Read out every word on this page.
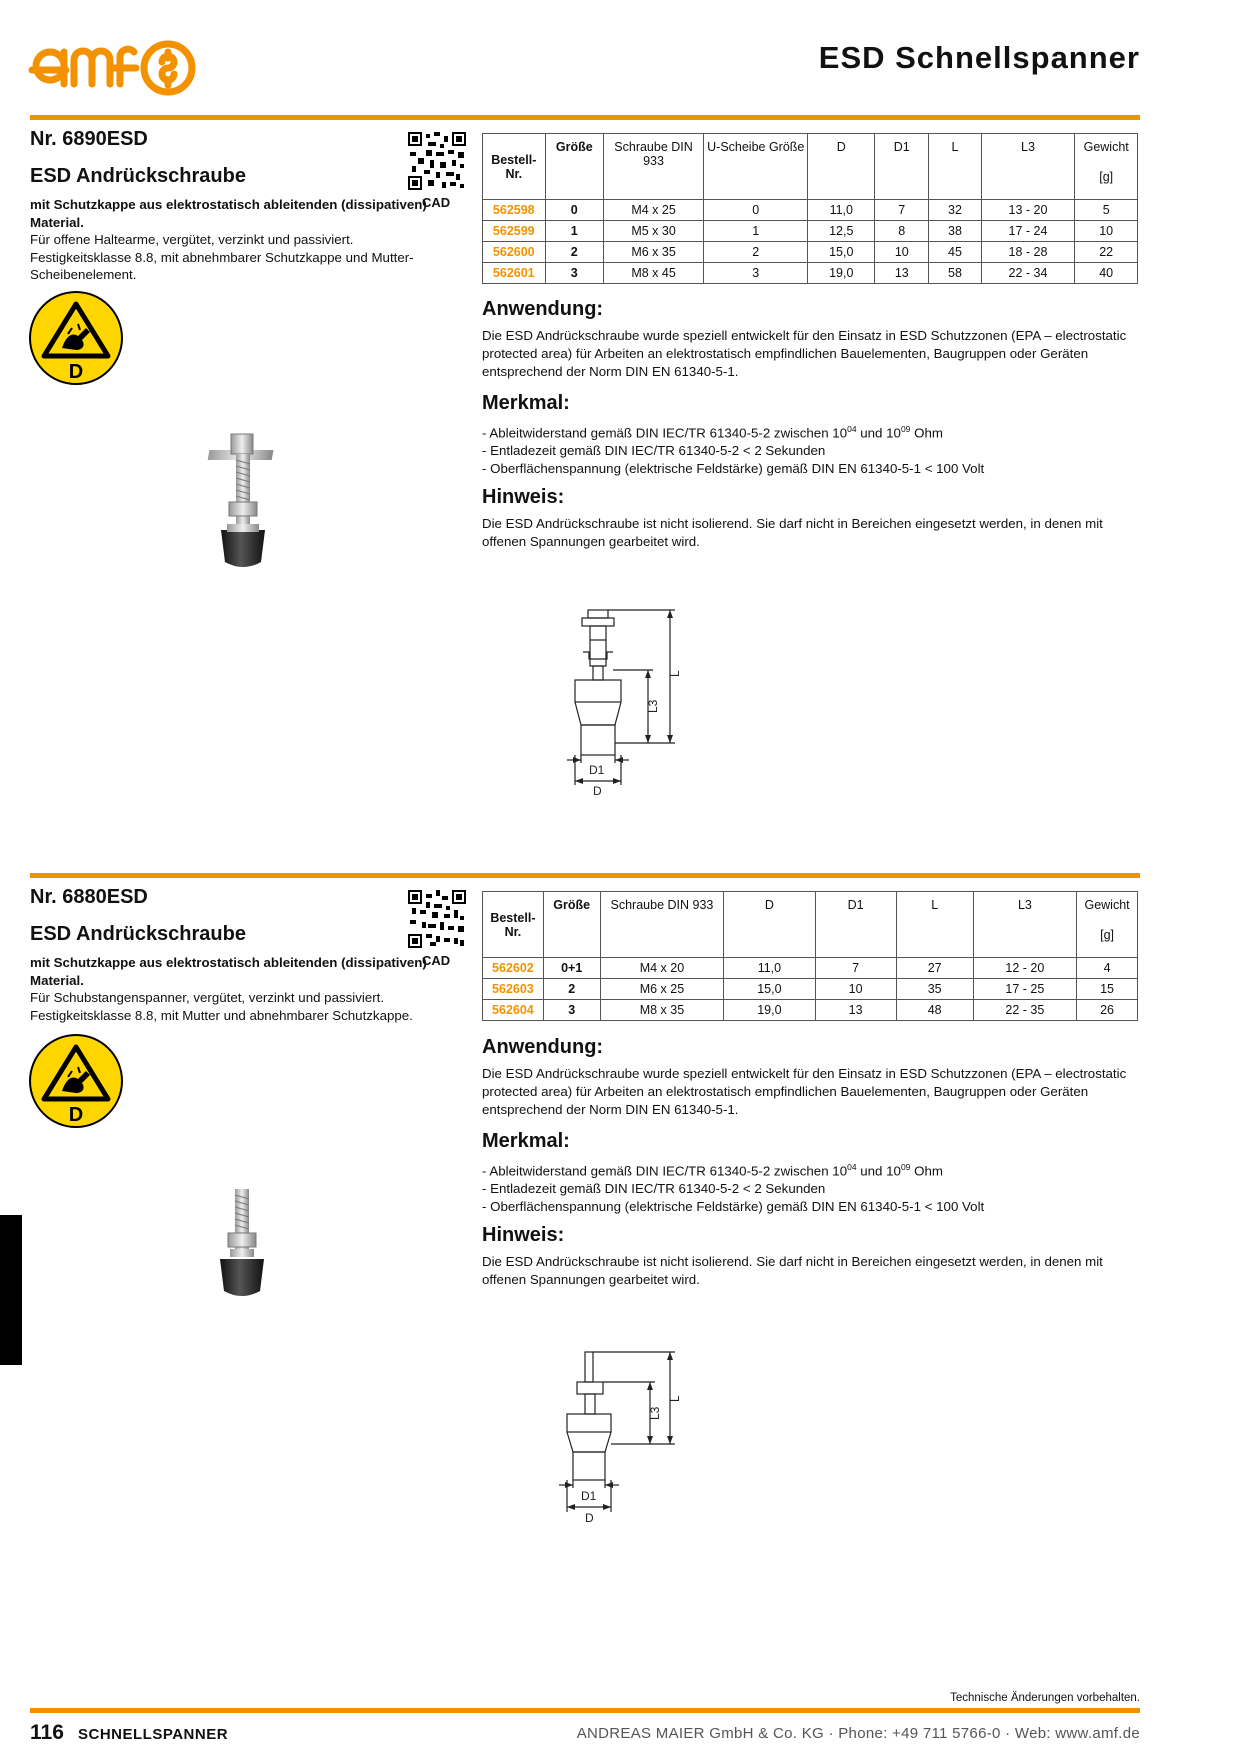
ESD Schnellspanner
Nr. 6890ESD
ESD Andrückschraube
mit Schutzkappe aus elektrostatisch ableitenden (dissipativen) Material.
Für offene Haltearme, vergütet, verzinkt und passiviert. Festigkeitsklasse 8.8, mit abnehmbarer Schutzkappe und Mutter-Scheibenelement.
CAD
D
Bestell-Nr.	Größe	Schraube DIN 933	U-Scheibe Größe	D	D1	L	L3	Gewicht
[g]

562598	0	M4 x 25	0	11,0	7	32	13 - 20	5
562599	1	M5 x 30	1	12,5	8	38	17 - 24	10
562600	2	M6 x 35	2	15,0	10	45	18 - 28	22
562601	3	M8 x 45	3	19,0	13	58	22 - 34	40
Anwendung:
Die ESD Andrückschraube wurde speziell entwickelt für den Einsatz in ESD Schutzzonen (EPA – electrostatic protected area) für Arbeiten an elektrostatisch empfindlichen Bauelementen, Baugruppen oder Geräten entsprechend der Norm DIN EN 61340-5-1.
Merkmal:
- Ableitwiderstand gemäß DIN IEC/TR 61340-5-2 zwischen $10^{04}$ und $10^{09}$ Ohm
- Entladezeit gemäß DIN IEC/TR 61340-5-2 < 2 Sekunden
- Oberflächenspannung (elektrische Feldstärke) gemäß DIN EN 61340-5-1 < 100 Volt
Hinweis:
Die ESD Andrückschraube ist nicht isolierend. Sie darf nicht in Bereichen eingesetzt werden, in denen mit offenen Spannungen gearbeitet wird.
L
L3
D1
D
Nr. 6880ESD
ESD Andrückschraube
mit Schutzkappe aus elektrostatisch ableitenden (dissipativen) Material.
Für Schubstangenspanner, vergütet, verzinkt und passiviert. Festigkeitsklasse 8.8, mit Mutter und abnehmbarer Schutzkappe.
CAD
D
Bestell-Nr.	Größe	Schraube DIN 933	D	D1	L	L3	Gewicht
[g]

562602	0+1	M4 x 20	11,0	7	27	12 - 20	4
562603	2	M6 x 25	15,0	10	35	17 - 25	15
562604	3	M8 x 35	19,0	13	48	22 - 35	26
Anwendung:
Die ESD Andrückschraube wurde speziell entwickelt für den Einsatz in ESD Schutzzonen (EPA – electrostatic protected area) für Arbeiten an elektrostatisch empfindlichen Bauelementen, Baugruppen oder Geräten entsprechend der Norm DIN EN 61340-5-1.
Merkmal:
- Ableitwiderstand gemäß DIN IEC/TR 61340-5-2 zwischen $10^{04}$ und $10^{09}$ Ohm
- Entladezeit gemäß DIN IEC/TR 61340-5-2 < 2 Sekunden
- Oberflächenspannung (elektrische Feldstärke) gemäß DIN EN 61340-5-1 < 100 Volt
Hinweis:
Die ESD Andrückschraube ist nicht isolierend. Sie darf nicht in Bereichen eingesetzt werden, in denen mit offenen Spannungen gearbeitet wird.
L
L3
D1
D
Technische Änderungen vorbehalten.
116 SCHNELLSPANNER	ANDREAS MAIER GmbH & Co. KG · Phone: +49 711 5766-0 · Web: www.amf.de
